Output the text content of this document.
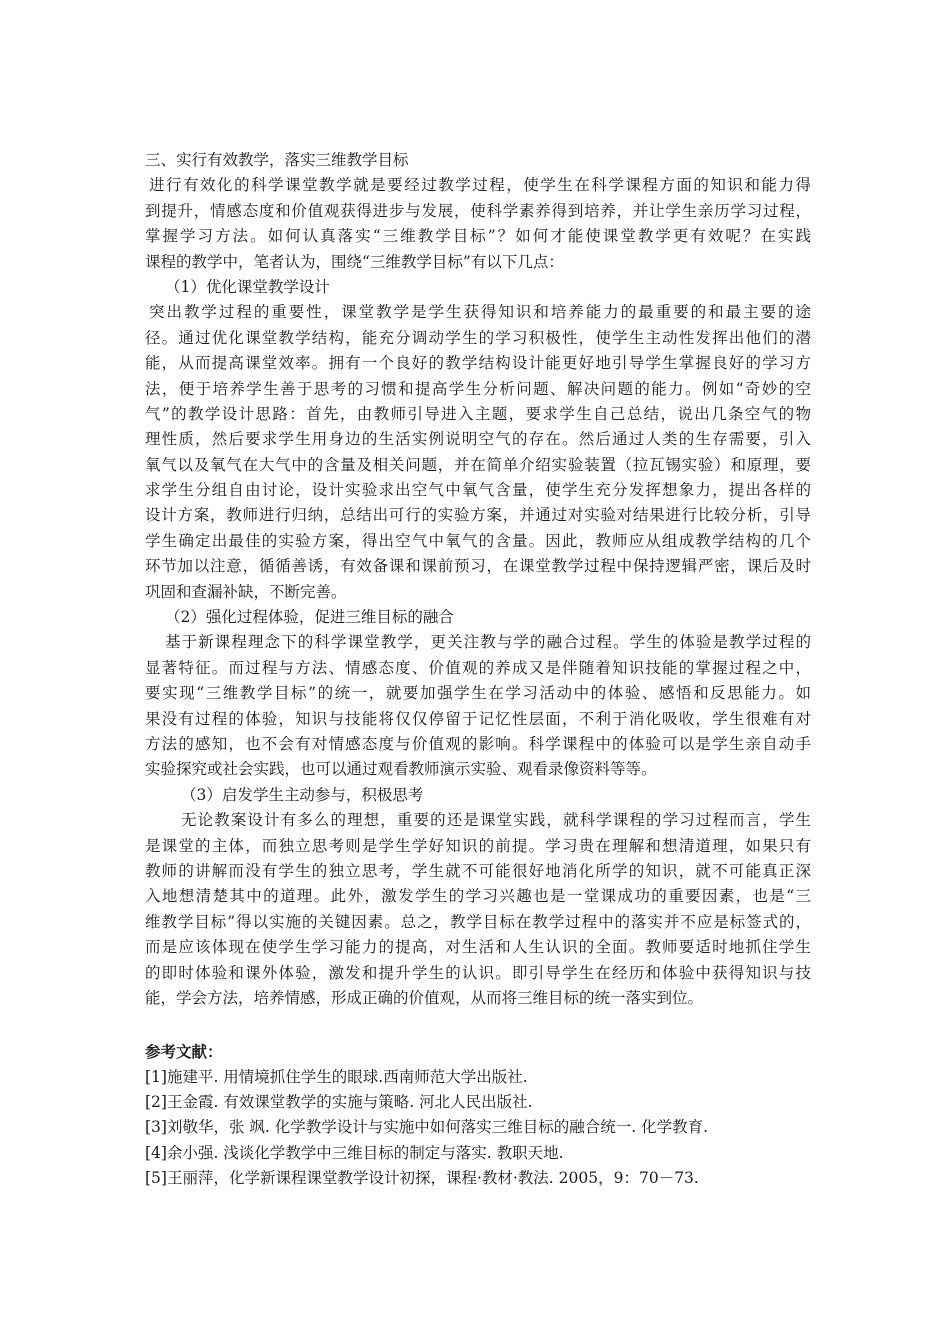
三、实行有效教学，落实三维教学目标
进行有效化的科学课堂教学就是要经过教学过程，使学生在科学课程方面的知识和能力得
到提升，情感态度和价值观获得进步与发展，使科学素养得到培养，并让学生亲历学习过程，
掌握学习方法。如何认真落实“三维教学目标”？如何才能使课堂教学更有效呢？在实践
课程的教学中，笔者认为，围绕“三维教学目标”有以下几点：
（1）优化课堂教学设计
突出教学过程的重要性，课堂教学是学生获得知识和培养能力的最重要的和最主要的途
径。通过优化课堂教学结构，能充分调动学生的学习积极性，使学生主动性发挥出他们的潜
能，从而提高课堂效率。拥有一个良好的教学结构设计能更好地引导学生掌握良好的学习方
法，便于培养学生善于思考的习惯和提高学生分析问题、解决问题的能力。例如“奇妙的空
气”的教学设计思路：首先，由教师引导进入主题，要求学生自己总结，说出几条空气的物
理性质，然后要求学生用身边的生活实例说明空气的存在。然后通过人类的生存需要，引入
氧气以及氧气在大气中的含量及相关问题，并在简单介绍实验装置（拉瓦锡实验）和原理，要
求学生分组自由讨论，设计实验求出空气中氧气含量，使学生充分发挥想象力，提出各样的
设计方案，教师进行归纳，总结出可行的实验方案，并通过对实验对结果进行比较分析，引导
学生确定出最佳的实验方案，得出空气中氧气的含量。因此，教师应从组成教学结构的几个
环节加以注意，循循善诱，有效备课和课前预习，在课堂教学过程中保持逻辑严密，课后及时
巩固和查漏补缺，不断完善。
（2）强化过程体验，促进三维目标的融合
基于新课程理念下的科学课堂教学，更关注教与学的融合过程。学生的体验是教学过程的
显著特征。而过程与方法、情感态度、价值观的养成又是伴随着知识技能的掌握过程之中，
要实现“三维教学目标”的统一，就要加强学生在学习活动中的体验、感悟和反思能力。如
果没有过程的体验，知识与技能将仅仅停留于记忆性层面，不利于消化吸收，学生很难有对
方法的感知，也不会有对情感态度与价值观的影响。科学课程中的体验可以是学生亲自动手
实验探究或社会实践，也可以通过观看教师演示实验、观看录像资料等等。
（3）启发学生主动参与，积极思考
无论教案设计有多么的理想，重要的还是课堂实践，就科学课程的学习过程而言，学生
是课堂的主体，而独立思考则是学生学好知识的前提。学习贵在理解和想清道理，如果只有
教师的讲解而没有学生的独立思考，学生就不可能很好地消化所学的知识，就不可能真正深
入地想清楚其中的道理。此外，激发学生的学习兴趣也是一堂课成功的重要因素，也是“三
维教学目标”得以实施的关键因素。总之，教学目标在教学过程中的落实并不应是标签式的，
而是应该体现在使学生学习能力的提高，对生活和人生认识的全面。教师要适时地抓住学生
的即时体验和课外体验，激发和提升学生的认识。即引导学生在经历和体验中获得知识与技
能，学会方法，培养情感，形成正确的价值观，从而将三维目标的统一落实到位。
参考文献：
[1]施建平. 用情境抓住学生的眼球.西南师范大学出版社.
[2]王金霞. 有效课堂教学的实施与策略. 河北人民出版社.
[3]刘敬华，张 飒. 化学教学设计与实施中如何落实三维目标的融合统一. 化学教育.
[4]余小强. 浅谈化学教学中三维目标的制定与落实. 教职天地.
[5]王丽萍，化学新课程课堂教学设计初探，课程·教材·教法. 2005，9：70－73.
